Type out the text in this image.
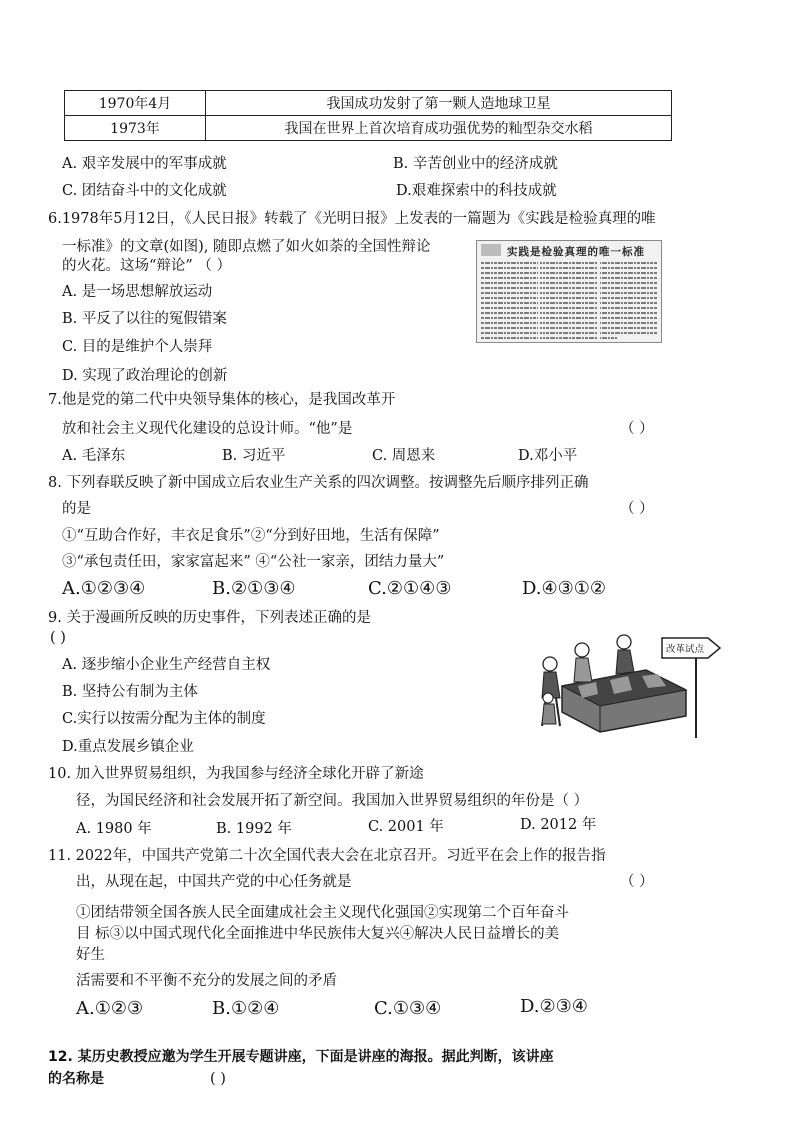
1970年4月	我国成功发射了第一颗人造地球卫星
1973年	我国在世界上首次培育成功强优势的籼型杂交水稻
A. 艰辛发展中的军事成就	B. 辛苦创业中的经济成就
C. 团结奋斗中的文化成就	D.艰难探索中的科技成就
6.1978年5月12日，《人民日报》转载了《光明日报》上发表的一篇题为《实践是检验真理的唯
一标准》的文章(如图), 随即点燃了如火如荼的全国性辩论
的火花。这场“辩论” （ ）
A. 是一场思想解放运动
B. 平反了以往的冤假错案
C. 目的是维护个人崇拜
D. 实现了政治理论的创新
实践是检验真理的唯一标准
7.他是党的第二代中央领导集体的核心，是我国改革开
放和社会主义现代化建设的总设计师。“他”是	（ ）
A. 毛泽东	B. 习近平	C. 周恩来	D.邓小平
8. 下列春联反映了新中国成立后农业生产关系的四次调整。按调整先后顺序排列正确
的是	（ ）
①“互助合作好，丰衣足食乐”②“分到好田地，生活有保障”
③“承包责任田，家家富起来” ④“公社一家亲，团结力量大”
A.①②③④	B.②①③④	C.②①④③	D.④③①②
9. 关于漫画所反映的历史事件，下列表述正确的是
( )
A. 逐步缩小企业生产经营自主权
B. 坚持公有制为主体
C.实行以按需分配为主体的制度
D.重点发展乡镇企业
改革试点
10. 加入世界贸易组织，为我国参与经济全球化开辟了新途
径，为国民经济和社会发展开拓了新空间。我国加入世界贸易组织的年份是（ ）
A. 1980 年	B. 1992 年	C. 2001 年	D. 2012 年
11. 2022年，中国共产党第二十次全国代表大会在北京召开。习近平在会上作的报告指
出，从现在起，中国共产党的中心任务就是	（ ）
①团结带领全国各族人民全面建成社会主义现代化强国②实现第二个百年奋斗
目 标③以中国式现代化全面推进中华民族伟大复兴④解决人民日益增长的美
好生
活需要和不平衡不充分的发展之间的矛盾
A.①②③	B.①②④	C.①③④	D.②③④
12. 某历史教授应邀为学生开展专题讲座，下面是讲座的海报。据此判断，该讲座
的名称是	( )
